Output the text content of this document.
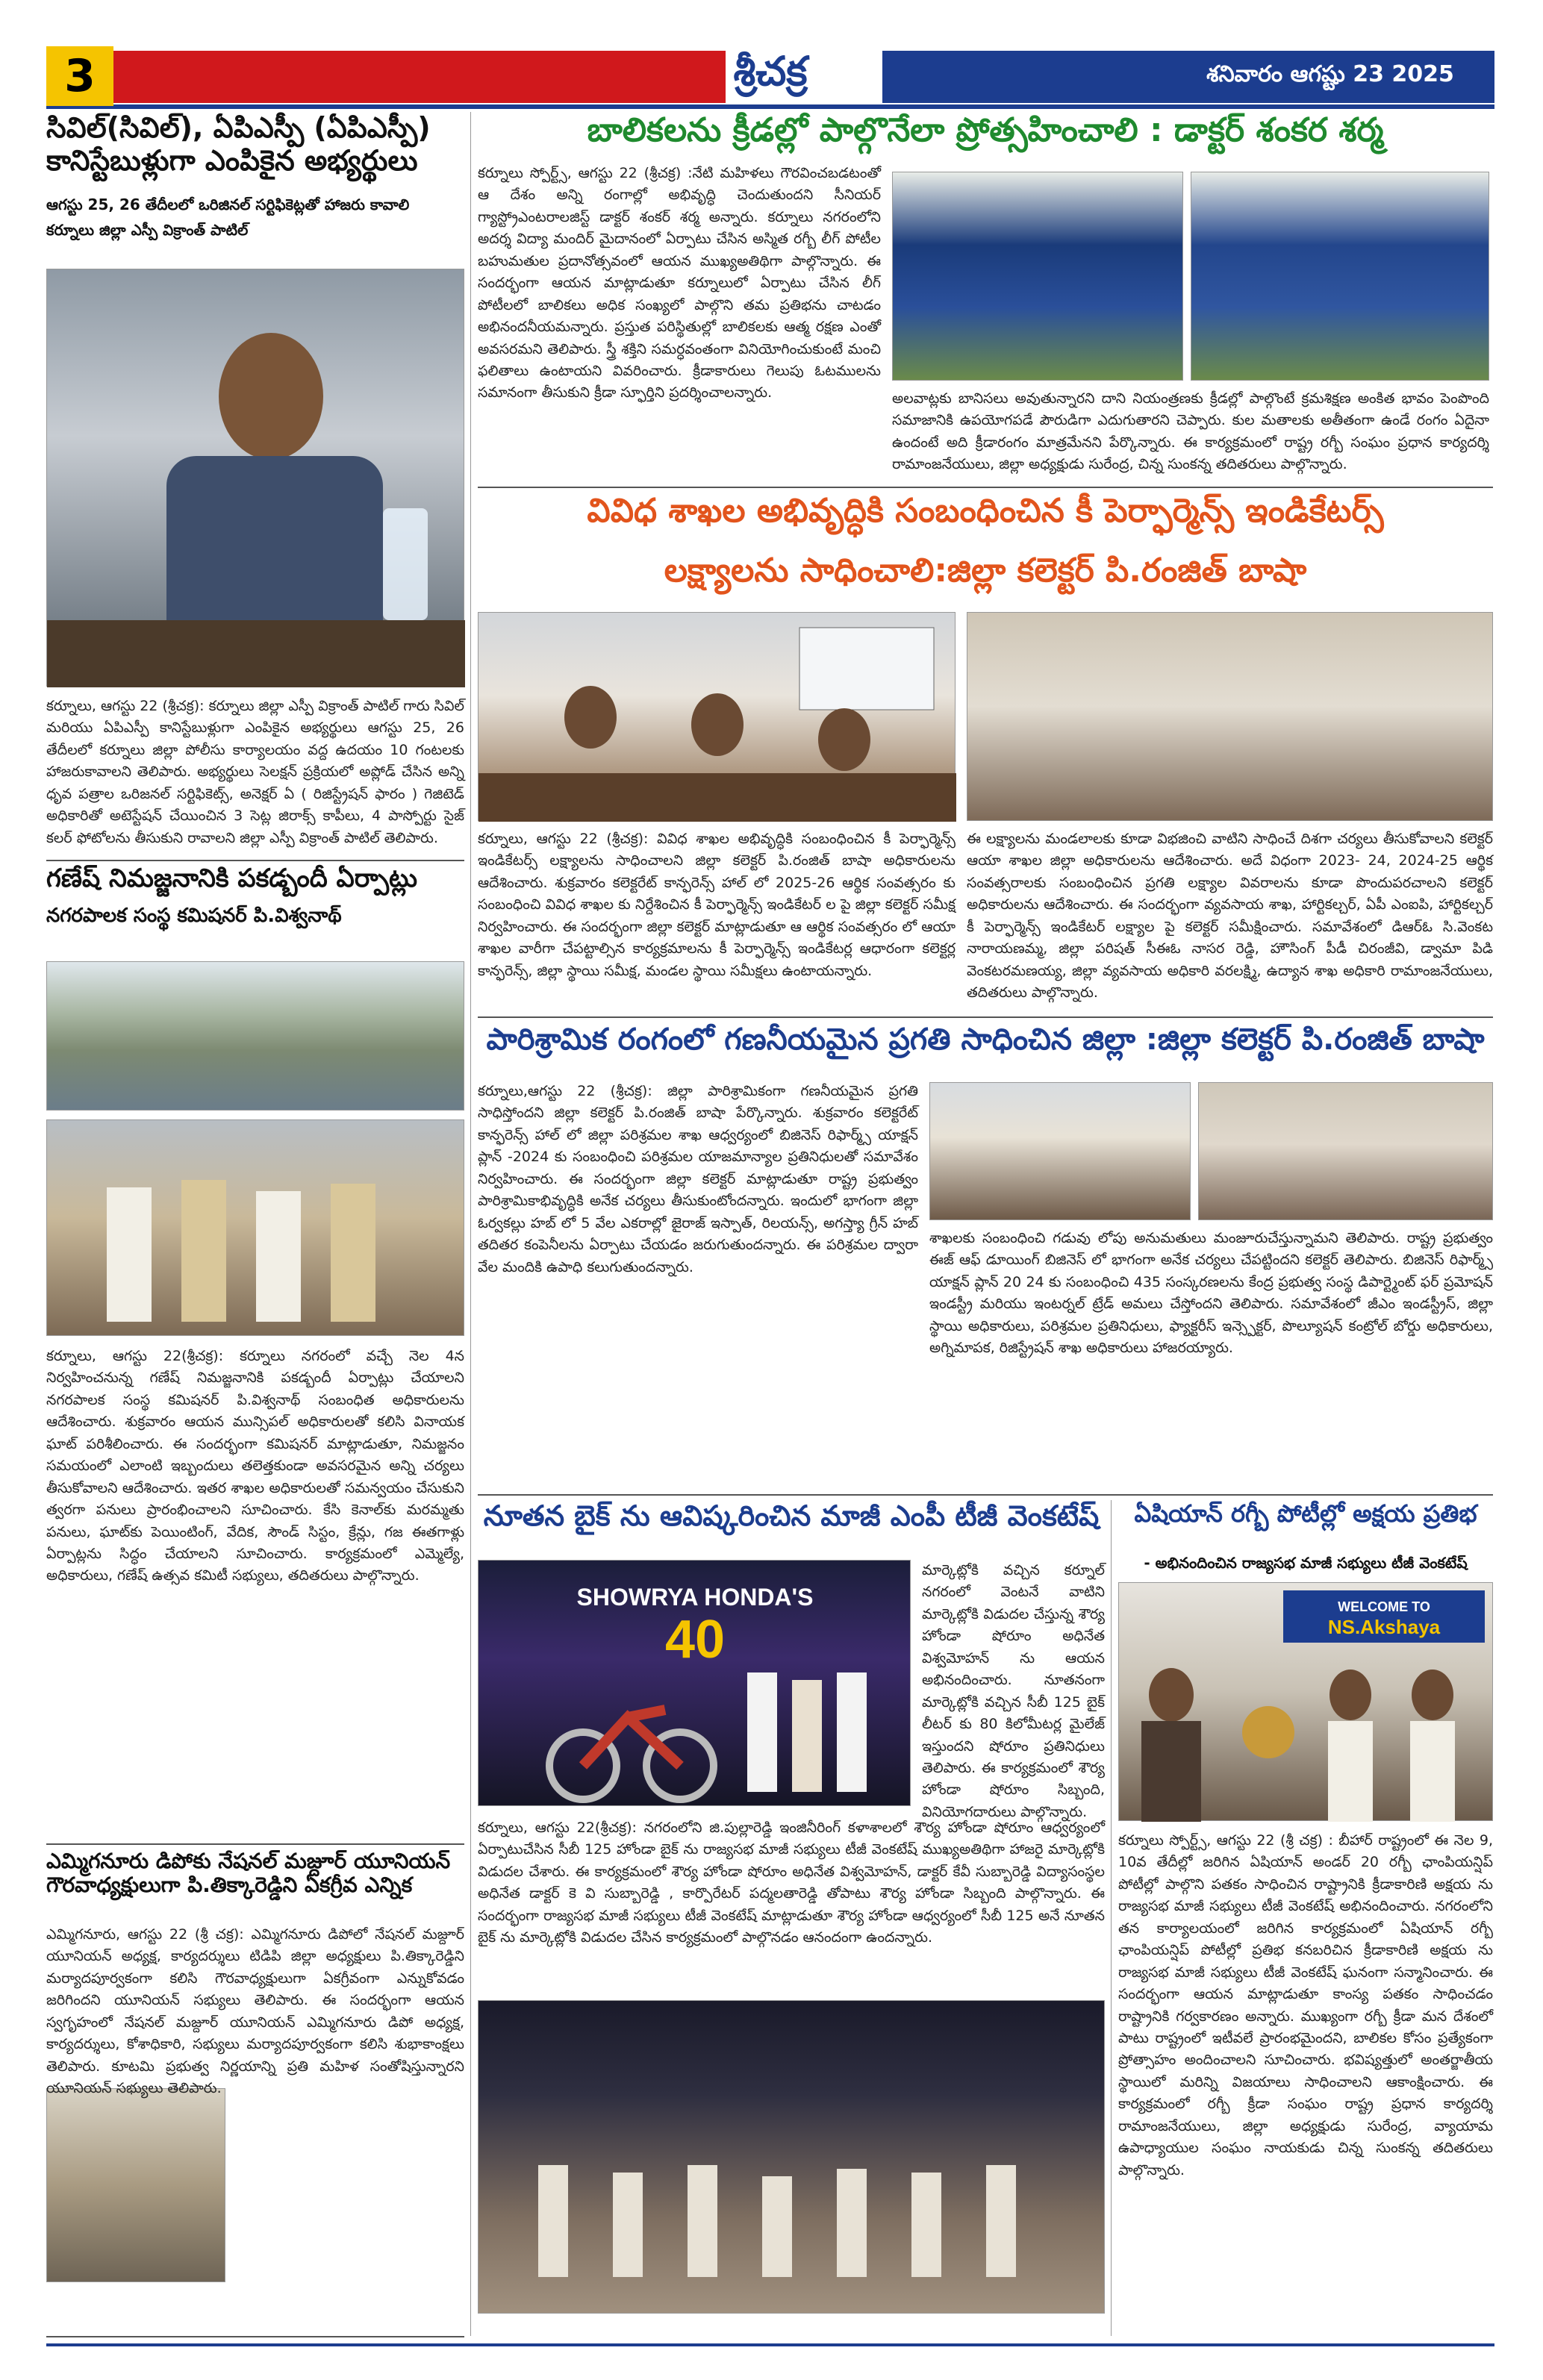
3	శ్రీచక్ర	శనివారం ఆగష్టు 23 2025
సివిల్(సివిల్), ఏపిఎస్పీ (ఏపిఎస్పీ) కానిస్టేబుళ్లుగా ఎంపికైన అభ్యర్థులు
ఆగస్టు 25, 26 తేదీలలో ఒరిజినల్ సర్టిఫికెట్లతో హాజరు కావాలి
కర్నూలు జిల్లా ఎస్పీ విక్రాంత్ పాటిల్
కర్నూలు, ఆగస్టు 22 (శ్రీచక్ర): కర్నూలు జిల్లా ఎస్పీ విక్రాంత్ పాటిల్ గారు సివిల్ మరియు ఏపిఎస్పీ కానిస్టేబుళ్లుగా ఎంపికైన అభ్యర్థులు ఆగస్టు 25, 26 తేదీలలో కర్నూలు జిల్లా పోలీసు కార్యాలయం వద్ద ఉదయం 10 గంటలకు హాజరుకావాలని తెలిపారు. అభ్యర్థులు సెలక్షన్ ప్రక్రియలో అప్లోడ్ చేసిన అన్ని ధృవ పత్రాల ఒరిజనల్ సర్టిఫికెట్స్, అనెక్షర్ ఏ ( రిజిస్ట్రేషన్ ఫారం ) గెజిటెడ్ అధికారితో అటెస్టేషన్ చేయించిన 3 సెట్ల జిరాక్స్ కాపీలు, 4 పాస్పోర్టు సైజ్ కలర్ ఫోటోలను తీసుకుని రావాలని జిల్లా ఎస్పీ విక్రాంత్ పాటిల్ తెలిపారు.
గణేష్ నిమజ్జనానికి పకడ్బందీ ఏర్పాట్లు
నగరపాలక సంస్థ కమిషనర్ పి.విశ్వనాథ్
కర్నూలు, ఆగస్టు 22(శ్రీచక్ర): కర్నూలు నగరంలో వచ్చే నెల 4న నిర్వహించనున్న గణేష్ నిమజ్జనానికి పకడ్బందీ ఏర్పాట్లు చేయాలని నగరపాలక సంస్థ కమిషనర్ పి.విశ్వనాథ్ సంబంధిత అధికారులను ఆదేశించారు. శుక్రవారం ఆయన మున్సిపల్ అధికారులతో కలిసి వినాయక ఘాట్ పరిశీలించారు. ఈ సందర్భంగా కమిషనర్ మాట్లాడుతూ, నిమజ్జనం సమయంలో ఎలాంటి ఇబ్బందులు తలెత్తకుండా అవసరమైన అన్ని చర్యలు తీసుకోవాలని ఆదేశించారు. ఇతర శాఖల అధికారులతో సమన్వయం చేసుకుని త్వరగా పనులు ప్రారంభించాలని సూచించారు. కేసి కెనాల్‌కు మరమ్మతు పనులు, ఘాట్‌కు పెయింటింగ్, వేదిక, సౌండ్ సిస్టం, క్రేన్లు, గజ ఈతగాళ్లు ఏర్పాట్లను సిద్ధం చేయాలని సూచించారు. కార్యక్రమంలో ఎమ్మెల్యే, అధికారులు, గణేష్ ఉత్సవ కమిటీ సభ్యులు, తదితరులు పాల్గొన్నారు.
ఎమ్మిగనూరు డిపోకు నేషనల్ మజ్దూర్ యూనియన్ గౌరవాధ్యక్షులుగా పి.తిక్కారెడ్డిని ఏకగ్రీవ ఎన్నిక
ఎమ్మిగనూరు, ఆగస్టు 22 (శ్రీ చక్ర): ఎమ్మిగనూరు డిపోలో నేషనల్ మజ్దూర్ యూనియన్ అధ్యక్ష, కార్యదర్శులు టిడిపి జిల్లా అధ్యక్షులు పి.తిక్కారెడ్డిని మర్యాదపూర్వకంగా కలిసి గౌరవాధ్యక్షులుగా ఏకగ్రీవంగా ఎన్నుకోవడం జరిగిందని యూనియన్ సభ్యులు తెలిపారు. ఈ సందర్భంగా ఆయన స్వగృహంలో నేషనల్ మజ్దూర్ యూనియన్ ఎమ్మిగనూరు డిపో అధ్యక్ష, కార్యదర్శులు, కోశాధికారి, సభ్యులు మర్యాదపూర్వకంగా కలిసి శుభాకాంక్షలు తెలిపారు. కూటమి ప్రభుత్వ నిర్ణయాన్ని ప్రతి మహిళ సంతోషిస్తున్నారని యూనియన్ సభ్యులు తెలిపారు.
బాలికలను క్రీడల్లో పాల్గొనేలా ప్రోత్సహించాలి : డాక్టర్ శంకర శర్మ
కర్నూలు స్పోర్ట్స్, ఆగస్టు 22 (శ్రీచక్ర) :నేటి మహిళలు గౌరవించబడటంతో ఆ దేశం అన్ని రంగాల్లో అభివృద్ధి చెందుతుందని సీనియర్ గ్యాస్ట్రోఎంటరాలజిస్ట్ డాక్టర్ శంకర్ శర్మ అన్నారు. కర్నూలు నగరంలోని అదర్శ విద్యా మందిర్ మైదానంలో ఏర్పాటు చేసిన అస్మిత రగ్బీ లీగ్ పోటీల బహుమతుల ప్రదానోత్సవంలో ఆయన ముఖ్యఅతిథిగా పాల్గొన్నారు. ఈ సందర్భంగా ఆయన మాట్లాడుతూ కర్నూలులో ఏర్పాటు చేసిన లీగ్ పోటీలలో బాలికలు అధిక సంఖ్యలో పాల్గొని తమ ప్రతిభను చాటడం అభినందనీయమన్నారు. ప్రస్తుత పరిస్థితుల్లో బాలికలకు ఆత్మ రక్షణ ఎంతో అవసరమని తెలిపారు. స్త్రీ శక్తిని సమర్ధవంతంగా వినియోగించుకుంటే మంచి ఫలితాలు ఉంటాయని వివరించారు. క్రీడాకారులు గెలుపు ఓటములను సమానంగా తీసుకుని క్రీడా స్ఫూర్తిని ప్రదర్శించాలన్నారు.	అలవాట్లకు బానిసలు అవుతున్నారని దాని నియంత్రణకు క్రీడల్లో పాల్గొంటే క్రమశిక్షణ అంకిత భావం పెంపొంది సమాజానికి ఉపయోగపడే పౌరుడిగా ఎదుగుతారని చెప్పారు. కుల మతాలకు అతీతంగా ఉండే రంగం ఏదైనా ఉందంటే అది క్రీడారంగం మాత్రమేనని పేర్కొన్నారు. ఈ కార్యక్రమంలో రాష్ట్ర రగ్బీ సంఘం ప్రధాన కార్యదర్శి రామాంజనేయులు, జిల్లా అధ్యక్షుడు సురేంద్ర, చిన్న సుంకన్న తదితరులు పాల్గొన్నారు.
వివిధ శాఖల అభివృద్ధికి సంబంధించిన కీ పెర్ఫార్మెన్స్ ఇండికేటర్స్
లక్ష్యాలను సాధించాలి:జిల్లా కలెక్టర్ పి.రంజిత్ బాషా
కర్నూలు, ఆగస్టు 22 (శ్రీచక్ర): వివిధ శాఖల అభివృద్ధికి సంబంధించిన కీ పెర్ఫార్మెన్స్ ఇండికేటర్స్ లక్ష్యాలను సాధించాలని జిల్లా కలెక్టర్ పి.రంజిత్ బాషా అధికారులను ఆదేశించారు. శుక్రవారం కలెక్టరేట్ కాన్ఫరెన్స్ హాల్ లో 2025-26 ఆర్థిక సంవత్సరం కు సంబంధించి వివిధ శాఖల కు నిర్దేశించిన కీ పెర్ఫార్మెన్స్ ఇండికేటర్ ల పై జిల్లా కలెక్టర్ సమీక్ష నిర్వహించారు. ఈ సందర్భంగా జిల్లా కలెక్టర్ మాట్లాడుతూ ఆ ఆర్థిక సంవత్సరం లో ఆయా శాఖల వారీగా చేపట్టాల్సిన కార్యక్రమాలను కీ పెర్ఫార్మెన్స్ ఇండికేటర్ల ఆధారంగా కలెక్టర్ల కాన్ఫరెన్స్, జిల్లా స్థాయి సమీక్ష, మండల స్థాయి సమీక్షలు ఉంటాయన్నారు.
ఈ లక్ష్యాలను మండలాలకు కూడా విభజించి వాటిని సాధించే దిశగా చర్యలు తీసుకోవాలని కలెక్టర్ ఆయా శాఖల జిల్లా అధికారులను ఆదేశించారు. అదే విధంగా 2023- 24, 2024-25 ఆర్థిక సంవత్సరాలకు సంబంధించిన ప్రగతి లక్ష్యాల వివరాలను కూడా పొందుపరచాలని కలెక్టర్ అధికారులను ఆదేశించారు. ఈ సందర్భంగా వ్యవసాయ శాఖ, హార్టికల్చర్, ఏపీ ఎంఐపి, హార్టికల్చర్ కీ పెర్ఫార్మెన్స్ ఇండికేటర్ లక్ష్యాల పై కలెక్టర్ సమీక్షించారు. సమావేశంలో డిఆర్ఓ సి.వెంకట నారాయణమ్మ, జిల్లా పరిషత్ సీఈఓ నాసర రెడ్డి, హౌసింగ్ పీడీ చిరంజీవి, డ్వామా పిడి వెంకటరమణయ్య, జిల్లా వ్యవసాయ అధికారి వరలక్ష్మి, ఉద్యాన శాఖ అధికారి రామాంజనేయులు, తదితరులు పాల్గొన్నారు.
పారిశ్రామిక రంగంలో గణనీయమైన ప్రగతి సాధించిన జిల్లా :జిల్లా కలెక్టర్ పి.రంజిత్ బాషా
కర్నూలు,ఆగస్టు 22 (శ్రీచక్ర): జిల్లా పారిశ్రామికంగా గణనీయమైన ప్రగతి సాధిస్తోందని జిల్లా కలెక్టర్ పి.రంజిత్ బాషా పేర్కొన్నారు. శుక్రవారం కలెక్టరేట్ కాన్ఫరెన్స్ హాల్ లో జిల్లా పరిశ్రమల శాఖ ఆధ్వర్యంలో బిజినెస్ రిఫార్మ్స్ యాక్షన్ ప్లాన్ -2024 కు సంబంధించి పరిశ్రమల యాజమాన్యాల ప్రతినిధులతో సమావేశం నిర్వహించారు. ఈ సందర్భంగా జిల్లా కలెక్టర్ మాట్లాడుతూ రాష్ట్ర ప్రభుత్వం పారిశ్రామికాభివృద్ధికి అనేక చర్యలు తీసుకుంటోందన్నారు. ఇందులో భాగంగా జిల్లా ఓర్వకల్లు హబ్ లో 5 వేల ఎకరాల్లో జైరాజ్ ఇస్పాత్, రిలయన్స్, అగస్త్యా గ్రీన్ హబ్ తదితర కంపెనీలను ఏర్పాటు చేయడం జరుగుతుందన్నారు. ఈ పరిశ్రమల ద్వారా వేల మందికి ఉపాధి కలుగుతుందన్నారు.
శాఖలకు సంబంధించి గడువు లోపు అనుమతులు మంజూరుచేస్తున్నామని తెలిపారు. రాష్ట్ర ప్రభుత్వం ఈజ్ ఆఫ్ డూయింగ్ బిజినెస్ లో భాగంగా అనేక చర్యలు చేపట్టిందని కలెక్టర్ తెలిపారు. బిజినెస్ రిఫార్మ్స్ యాక్షన్ ప్లాన్ 20 24 కు సంబంధించి 435 సంస్కరణలను కేంద్ర ప్రభుత్వ సంస్థ డిపార్ట్మెంట్ ఫర్ ప్రమోషన్ ఇండస్ట్రీ మరియు ఇంటర్నల్ ట్రేడ్ అమలు చేస్తోందని తెలిపారు. సమావేశంలో జీఎం ఇండస్ట్రీస్, జిల్లా స్థాయి అధికారులు, పరిశ్రమల ప్రతినిధులు, ఫ్యాక్టరీస్ ఇన్స్పెక్టర్, పొల్యూషన్ కంట్రోల్ బోర్డు అధికారులు, అగ్నిమాపక, రిజిస్ట్రేషన్ శాఖ అధికారులు హాజరయ్యారు.
నూతన బైక్ ను ఆవిష్కరించిన మాజీ ఎంపీ టీజీ వెంకటేష్
SHOWRYA HONDA'S
40
మార్కెట్లోకి వచ్చిన కర్నూల్ నగరంలో వెంటనే వాటిని మార్కెట్లోకి విడుదల చేస్తున్న శౌర్య హోండా షోరూం అధినేత విశ్వమోహన్ ను ఆయన అభినందించారు. నూతనంగా మార్కెట్లోకి వచ్చిన సీబీ 125 బైక్ లీటర్ కు 80 కిలోమీటర్ల మైలేజ్ ఇస్తుందని షోరూం ప్రతినిధులు తెలిపారు. ఈ కార్యక్రమంలో శౌర్య హోండా షోరూం సిబ్బంది, వినియోగదారులు పాల్గొన్నారు.
కర్నూలు, ఆగస్టు 22(శ్రీచక్ర): నగరంలోని జి.పుల్లారెడ్డి ఇంజినీరింగ్ కళాశాలలో శౌర్య హోండా షోరూం ఆధ్వర్యంలో ఏర్పాటుచేసిన సీబీ 125 హోండా బైక్ ను రాజ్యసభ మాజీ సభ్యులు టీజీ వెంకటేష్ ముఖ్యఅతిథిగా హాజరై మార్కెట్లోకి విడుదల చేశారు. ఈ కార్యక్రమంలో శౌర్య హోండా షోరూం అధినేత విశ్వమోహన్, డాక్టర్ కేవీ సుబ్బారెడ్డి విద్యాసంస్థల అధినేత డాక్టర్ కె వి సుబ్బారెడ్డి , కార్పొరేటర్ పద్మలతారెడ్డి తోపాటు శౌర్య హోండా సిబ్బంది పాల్గొన్నారు. ఈ సందర్భంగా రాజ్యసభ మాజీ సభ్యులు టీజీ వెంకటేష్ మాట్లాడుతూ శౌర్య హోండా ఆధ్వర్యంలో సీబీ 125 అనే నూతన బైక్ ను మార్కెట్లోకి విడుదల చేసిన కార్యక్రమంలో పాల్గొనడం ఆనందంగా ఉందన్నారు.
ఏషియాన్ రగ్బీ పోటీల్లో అక్షయ ప్రతిభ
- అభినందించిన రాజ్యసభ మాజీ సభ్యులు టీజీ వెంకటేష్
WELCOME TO
NS.Akshaya
కర్నూలు స్పోర్ట్స్, ఆగస్టు 22 (శ్రీ చక్ర) : బీహార్ రాష్ట్రంలో ఈ నెల 9, 10వ తేదీల్లో జరిగిన ఏషియాన్ అండర్ 20 రగ్బీ ఛాంపియన్షిప్ పోటీల్లో పాల్గొని పతకం సాధించిన రాష్ట్రానికి క్రీడాకారిణి అక్షయ ను రాజ్యసభ మాజీ సభ్యులు టీజీ వెంకటేష్ అభినందించారు. నగరంలోని తన కార్యాలయంలో జరిగిన కార్యక్రమంలో ఏషియాన్ రగ్బీ ఛాంపియన్షిప్ పోటీల్లో ప్రతిభ కనబరిచిన క్రీడాకారిణి అక్షయ ను రాజ్యసభ మాజీ సభ్యులు టీజీ వెంకటేష్ ఘనంగా సన్మానించారు. ఈ సందర్భంగా ఆయన మాట్లాడుతూ కాంస్య పతకం సాధించడం రాష్ట్రానికి గర్వకారణం అన్నారు. ముఖ్యంగా రగ్బీ క్రీడా మన దేశంలో పాటు రాష్ట్రంలో ఇటీవలే ప్రారంభమైందని, బాలికల కోసం ప్రత్యేకంగా ప్రోత్సాహం అందించాలని సూచించారు. భవిష్యత్తులో అంతర్జాతీయ స్థాయిలో మరిన్ని విజయాలు సాధించాలని ఆకాంక్షించారు. ఈ కార్యక్రమంలో రగ్బీ క్రీడా సంఘం రాష్ట్ర ప్రధాన కార్యదర్శి రామాంజనేయులు, జిల్లా అధ్యక్షుడు సురేంద్ర, వ్యాయామ ఉపాధ్యాయుల సంఘం నాయకుడు చిన్న సుంకన్న తదితరులు పాల్గొన్నారు.
